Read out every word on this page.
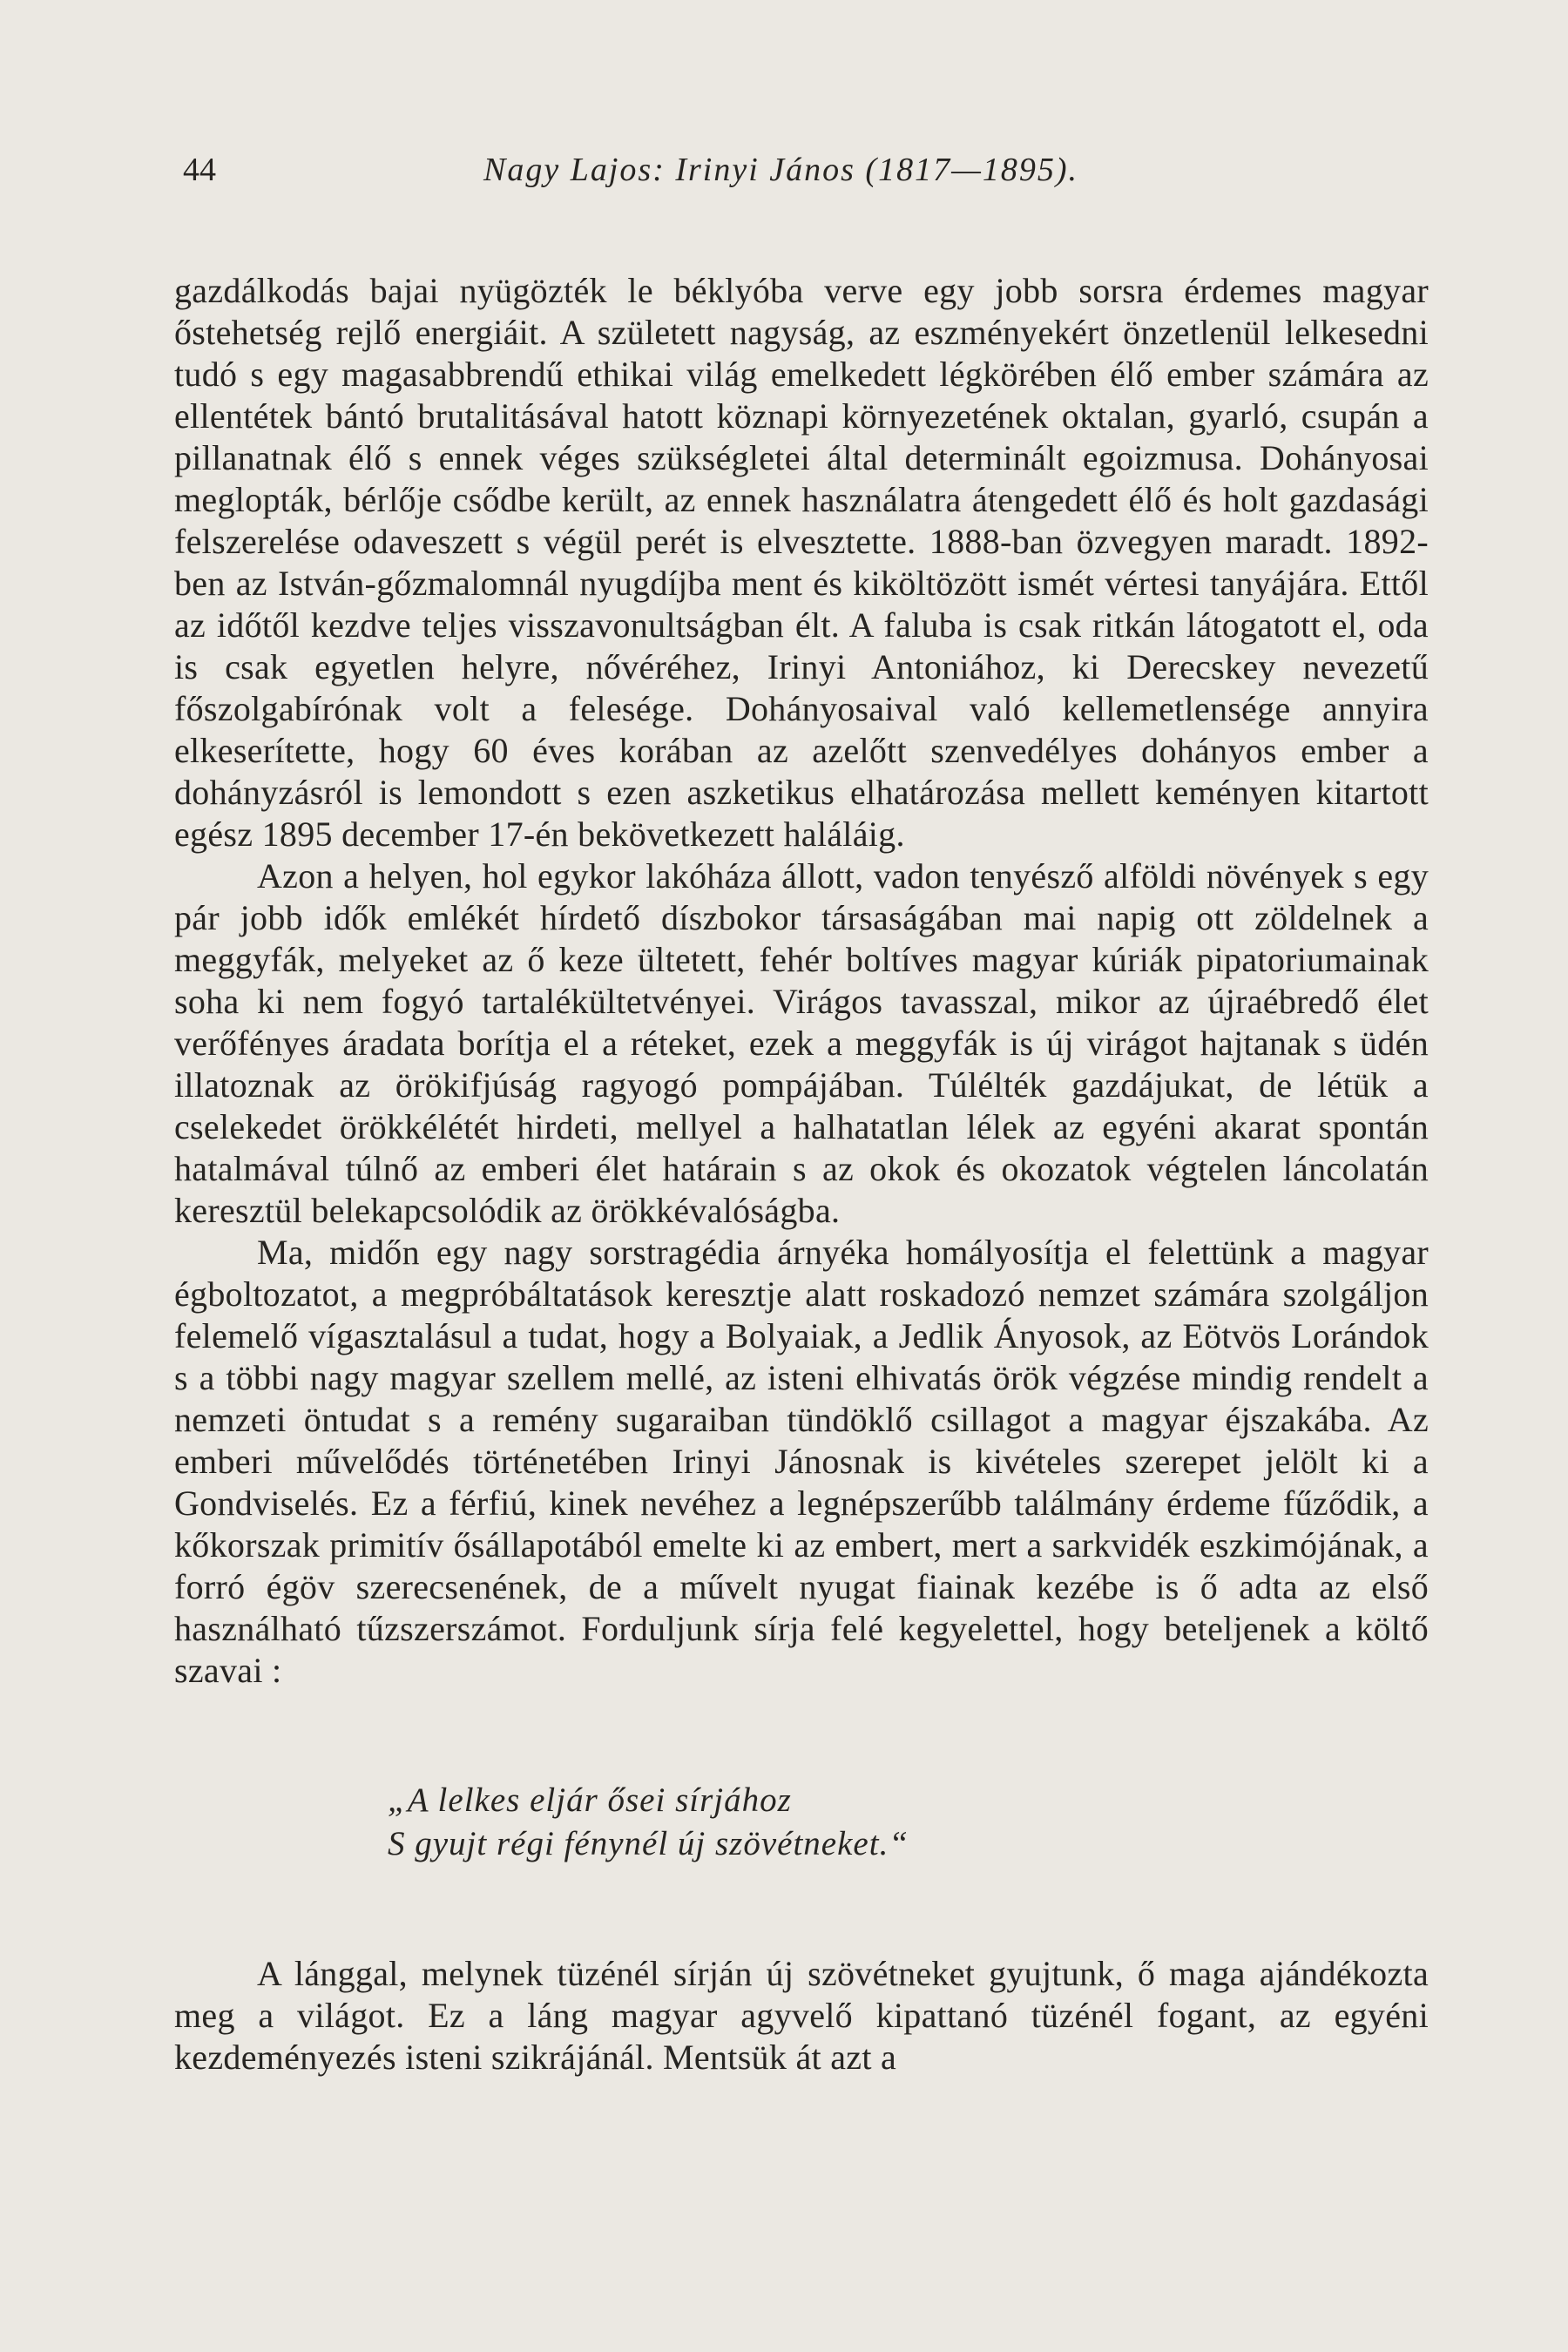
44	Nagy Lajos: Irinyi János (1817—1895).

gazdálkodás bajai nyügözték le béklyóba verve egy jobb sorsra érdemes magyar őstehetség rejlő energiáit. A született nagyság, az eszményekért önzetlenül lelkesedni tudó s egy magasabbrendű ethikai világ emelkedett légkörében élő ember számára az ellentétek bántó brutalitásával hatott köznapi környezetének oktalan, gyarló, csupán a pillanatnak élő s ennek véges szükségletei által determinált egoizmusa. Dohányosai meglopták, bérlője csődbe került, az ennek használatra átengedett élő és holt gazdasági felszerelése odaveszett s végül perét is elvesztette. 1888-ban özvegyen maradt. 1892-ben az István-gőzmalomnál nyugdíjba ment és kiköltözött ismét vértesi tanyájára. Ettől az időtől kezdve teljes visszavonultságban élt. A faluba is csak ritkán látogatott el, oda is csak egyetlen helyre, nővéréhez, Irinyi Antoniához, ki Derecskey nevezetű főszolgabírónak volt a felesége. Dohányosaival való kellemetlensége annyira elkeserítette, hogy 60 éves korában az azelőtt szenvedélyes dohányos ember a dohányzásról is lemondott s ezen aszketikus elhatározása mellett keményen kitartott egész 1895 december 17-én bekövetkezett haláláig.

Azon a helyen, hol egykor lakóháza állott, vadon tenyésző alföldi növények s egy pár jobb idők emlékét hírdető díszbokor társaságában mai napig ott zöldelnek a meggyfák, melyeket az ő keze ültetett, fehér boltíves magyar kúriák pipatoriumainak soha ki nem fogyó tartalékültetvényei. Virágos tavasszal, mikor az újraébredő élet verőfényes áradata borítja el a réteket, ezek a meggyfák is új virágot hajtanak s üdén illatoznak az örökifjúság ragyogó pompájában. Túlélték gazdájukat, de létük a cselekedet örökkélétét hirdeti, mellyel a halhatatlan lélek az egyéni akarat spontán hatalmával túlnő az emberi élet határain s az okok és okozatok végtelen láncolatán keresztül belekapcsolódik az örökkévalóságba.

Ma, midőn egy nagy sorstragédia árnyéka homályosítja el felettünk a magyar égboltozatot, a megpróbáltatások keresztje alatt roskadozó nemzet számára szolgáljon felemelő vígasztalásul a tudat, hogy a Bolyaiak, a Jedlik Ányosok, az Eötvös Lorándok s a többi nagy magyar szellem mellé, az isteni elhivatás örök végzése mindig rendelt a nemzeti öntudat s a remény sugaraiban tündöklő csillagot a magyar éjszakába. Az emberi művelődés történetében Irinyi Jánosnak is kivételes szerepet jelölt ki a Gondviselés. Ez a férfiú, kinek nevéhez a legnépszerűbb találmány érdeme fűződik, a kőkorszak primitív ősállapotából emelte ki az embert, mert a sarkvidék eszkimójának, a forró égöv szerecsenének, de a művelt nyugat fiainak kezébe is ő adta az első használható tűzszerszámot. Forduljunk sírja felé kegyelettel, hogy beteljenek a költő szavai :

„A lelkes eljár ősei sírjához
S gyujt régi fénynél új szövétneket.“

A lánggal, melynek tüzénél sírján új szövétneket gyujtunk, ő maga ajándékozta meg a világot. Ez a láng magyar agyvelő kipattanó tüzénél fogant, az egyéni kezdeményezés isteni szikrájánál. Mentsük át azt a
